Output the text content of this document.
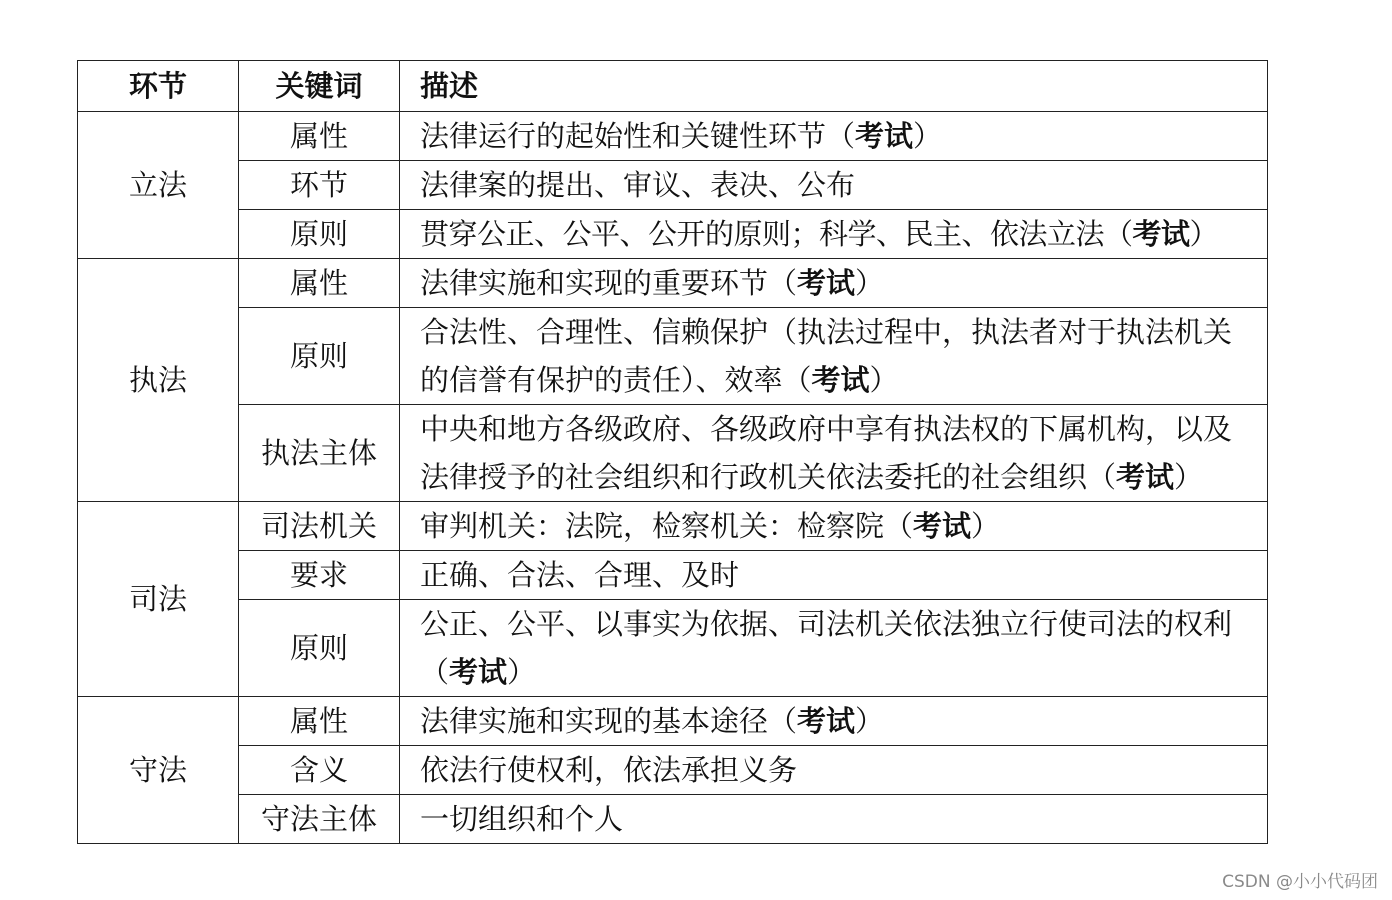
环节	关键词	描述
立法	属性	法律运行的起始性和关键性环节（考试）
	环节	法律案的提出、审议、表决、公布
	原则	贯穿公正、公平、公开的原则；科学、民主、依法立法（考试）
执法	属性	法律实施和实现的重要环节（考试）
	原则	合法性、合理性、信赖保护（执法过程中，执法者对于执法机关的信誉有保护的责任）、效率（考试）
	执法主体	中央和地方各级政府、各级政府中享有执法权的下属机构，以及法律授予的社会组织和行政机关依法委托的社会组织（考试）
司法	司法机关	审判机关：法院，检察机关：检察院（考试）
	要求	正确、合法、合理、及时
	原则	公正、公平、以事实为依据、司法机关依法独立行使司法的权利（考试）
守法	属性	法律实施和实现的基本途径（考试）
	含义	依法行使权利，依法承担义务
	守法主体	一切组织和个人
CSDN @小小代码团
